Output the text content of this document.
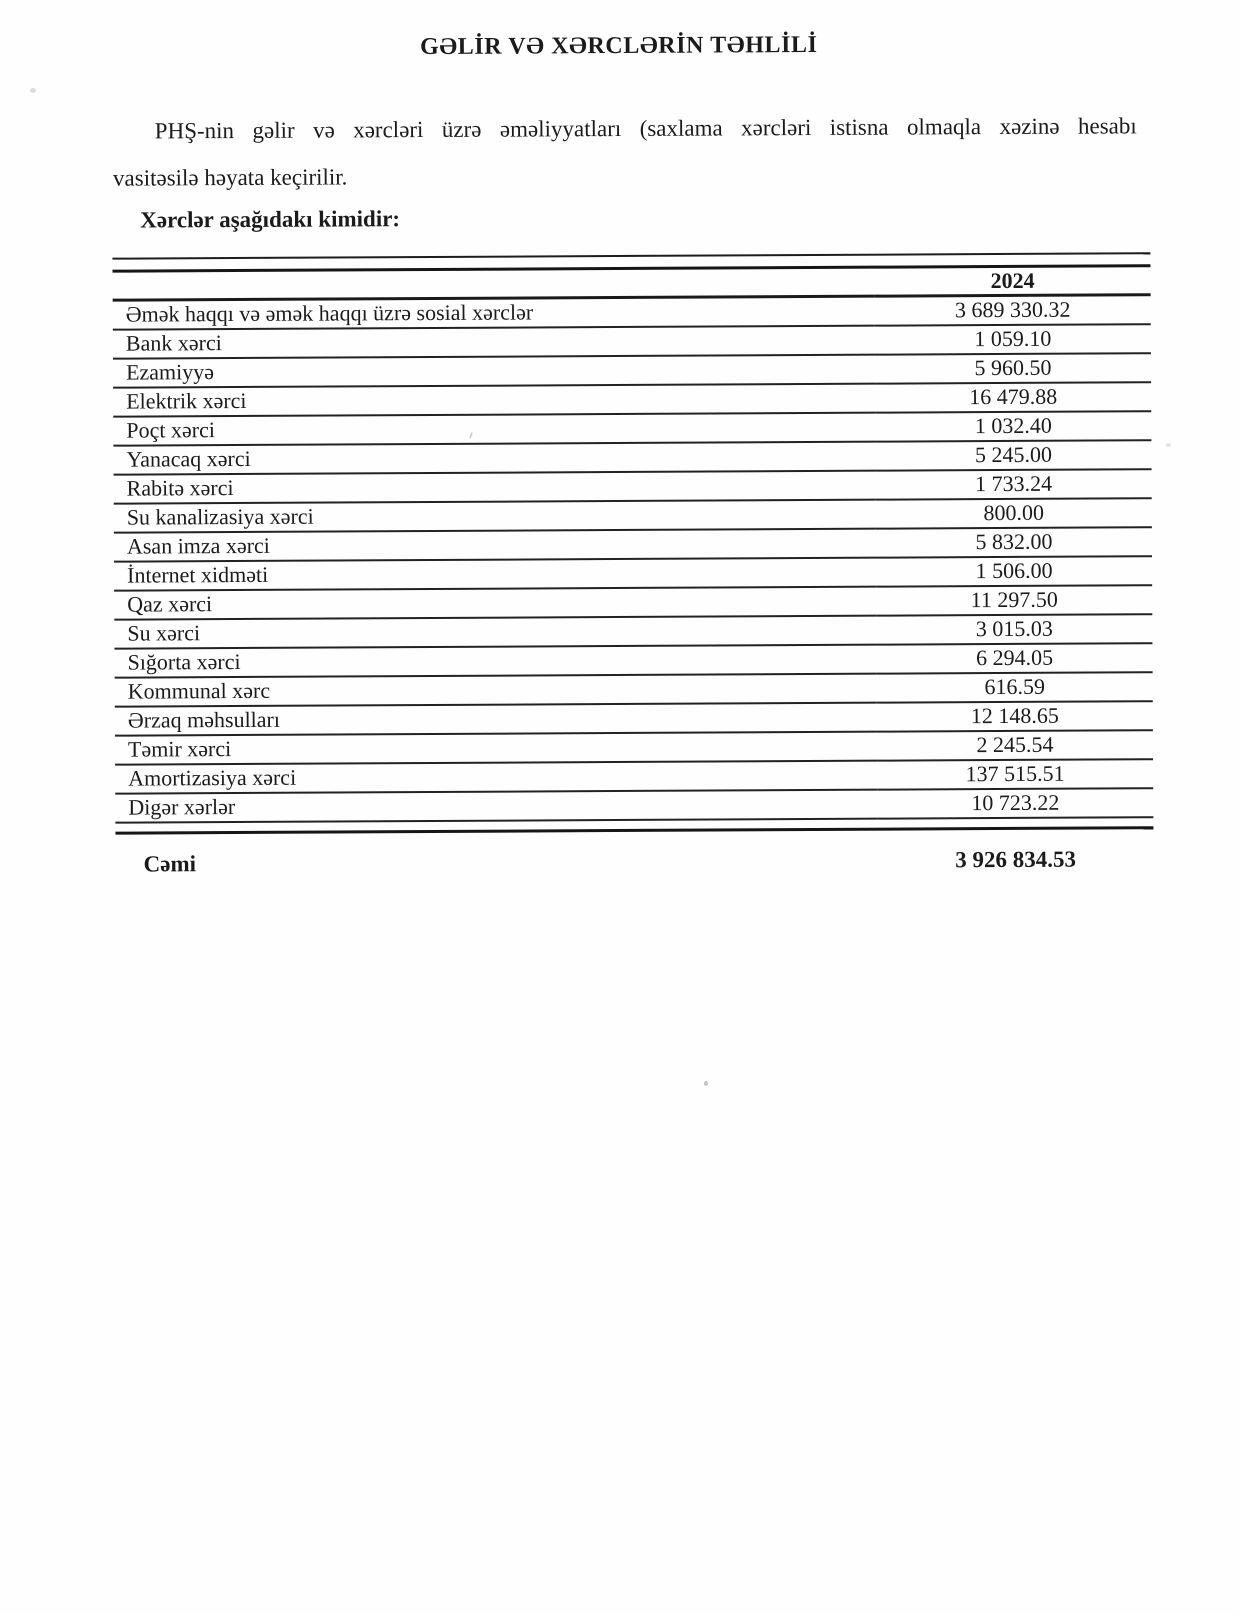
GƏLİR VƏ XƏRCLƏRİN TƏHLİLİ

PHŞ-nin gəlir və xərcləri üzrə əməliyyatları (saxlama xərcləri istisna olmaqla xəzinə hesabı

vasitəsilə həyata keçirilir.

Xərclər aşağıdakı kimidir:
	2024
Əmək haqqı və əmək haqqı üzrə sosial xərclər	3 689 330.32
Bank xərci	1 059.10
Ezamiyyə	5 960.50
Elektrik xərci	16 479.88
Poçt xərci	1 032.40
Yanacaq xərci	5 245.00
Rabitə xərci	1 733.24
Su kanalizasiya xərci	800.00
Asan imza xərci	5 832.00
İnternet xidməti	1 506.00
Qaz xərci	11 297.50
Su xərci	3 015.03
Sığorta xərci	6 294.05
Kommunal xərc	616.59
Ərzaq məhsulları	12 148.65
Təmir xərci	2 245.54
Amortizasiya xərci	137 515.51
Digər xərlər	10 723.22
Cəmi	3 926 834.53
